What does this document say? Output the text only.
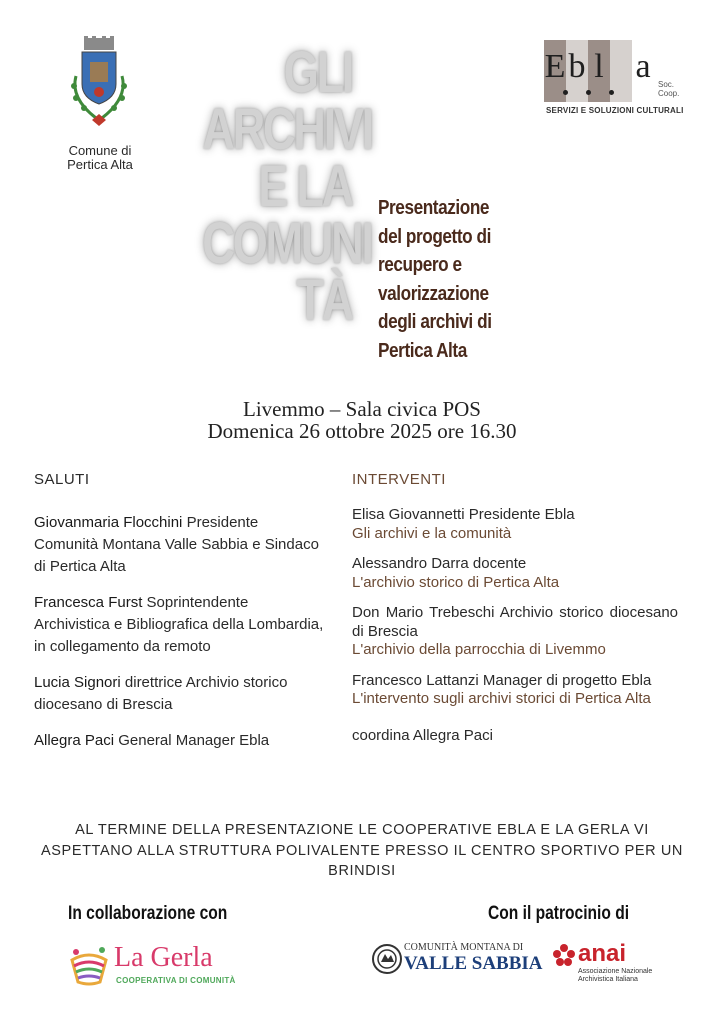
Comune di
Pertica Alta
GLI
ARCHIVI
E LA
COMUNI
TÀ
Presentazione
del progetto di
recupero e
valorizzazione
degli archivi di
Pertica Alta
E b l a Soc.
Coop.
SERVIZI E SOLUZIONI CULTURALI
Livemmo – Sala civica POS
Domenica 26 ottobre 2025 ore 16.30
SALUTI	INTERVENTI
Giovanmaria Flocchini Presidente Comunità Montana Valle Sabbia e Sindaco di Pertica Alta
Francesca Furst Soprintendente Archivistica e Bibliografica della Lombardia, in collegamento da remoto
Lucia Signori direttrice Archivio storico diocesano di Brescia
Allegra Paci General Manager Ebla
Elisa Giovannetti Presidente Ebla
Gli archivi e la comunità
Alessandro Darra docente
L'archivio storico di Pertica Alta
Don Mario Trebeschi Archivio storico diocesano di Brescia
L'archivio della parrocchia di Livemmo
Francesco Lattanzi Manager di progetto Ebla
L'intervento sugli archivi storici di Pertica Alta
coordina Allegra Paci
AL TERMINE DELLA PRESENTAZIONE LE COOPERATIVE EBLA E LA GERLA VI ASPETTANO ALLA STRUTTURA POLIVALENTE PRESSO IL CENTRO SPORTIVO PER UN BRINDISI
In collaborazione con	Con il patrocinio di
La Gerla
COOPERATIVA DI COMUNITÀ
COMUNITÀ MONTANA DI
VALLE SABBIA anai
Associazione Nazionale
Archivistica Italiana
